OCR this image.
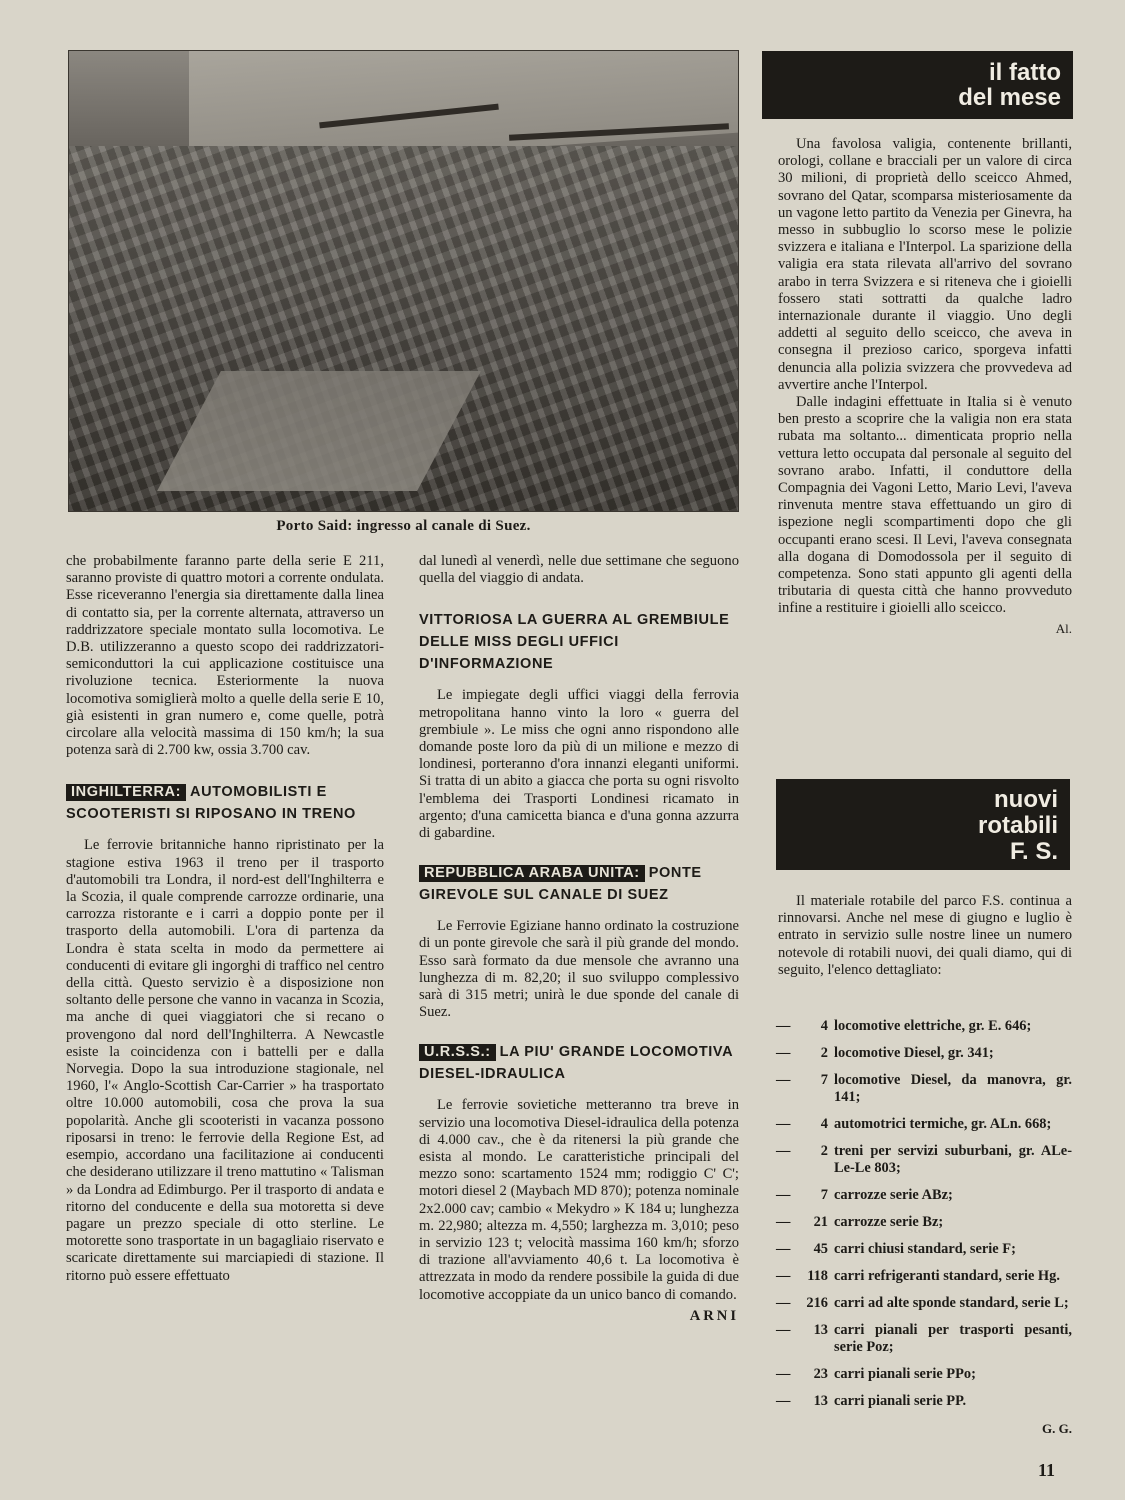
Porto Said: ingresso al canale di Suez.

che probabilmente faranno parte della serie E 211, saranno proviste di quattro motori a corrente ondulata. Esse riceveranno l'energia sia direttamente dalla linea di contatto sia, per la corrente alternata, attraverso un raddrizzatore speciale montato sulla locomotiva. Le D.B. utilizzeranno a questo scopo dei raddrizzatori-semiconduttori la cui applicazione costituisce una rivoluzione tecnica. Esteriormente la nuova locomotiva somiglierà molto a quelle della serie E 10, già esistenti in gran numero e, come quelle, potrà circolare alla velocità massima di 150 km/h; la sua potenza sarà di 2.700 kw, ossia 3.700 cav.

INGHILTERRA: AUTOMOBILISTI E SCOOTERISTI SI RIPOSANO IN TRENO

Le ferrovie britanniche hanno ripristinato per la stagione estiva 1963 il treno per il trasporto d'automobili tra Londra, il nord-est dell'Inghilterra e la Scozia, il quale comprende carrozze ordinarie, una carrozza ristorante e i carri a doppio ponte per il trasporto della automobili. L'ora di partenza da Londra è stata scelta in modo da permettere ai conducenti di evitare gli ingorghi di traffico nel centro della città. Questo servizio è a disposizione non soltanto delle persone che vanno in vacanza in Scozia, ma anche di quei viaggiatori che si recano o provengono dal nord dell'Inghilterra. A Newcastle esiste la coincidenza con i battelli per e dalla Norvegia. Dopo la sua introduzione stagionale, nel 1960, l'« Anglo-Scottish Car-Carrier » ha trasportato oltre 10.000 automobili, cosa che prova la sua popolarità. Anche gli scooteristi in vacanza possono riposarsi in treno: le ferrovie della Regione Est, ad esempio, accordano una facilitazione ai conducenti che desiderano utilizzare il treno mattutino « Talisman » da Londra ad Edimburgo. Per il trasporto di andata e ritorno del conducente e della sua motoretta si deve pagare un prezzo speciale di otto sterline. Le motorette sono trasportate in un bagagliaio riservato e scaricate direttamente sui marciapiedi di stazione. Il ritorno può essere effettuato

dal lunedì al venerdì, nelle due settimane che seguono quella del viaggio di andata.

VITTORIOSA LA GUERRA AL GREMBIULE DELLE MISS DEGLI UFFICI D'INFORMAZIONE

Le impiegate degli uffici viaggi della ferrovia metropolitana hanno vinto la loro « guerra del grembiule ». Le miss che ogni anno rispondono alle domande poste loro da più di un milione e mezzo di londinesi, porteranno d'ora innanzi eleganti uniformi. Si tratta di un abito a giacca che porta su ogni risvolto l'emblema dei Trasporti Londinesi ricamato in argento; d'una camicetta bianca e d'una gonna azzurra di gabardine.

REPUBBLICA ARABA UNITA: PONTE GIREVOLE SUL CANALE DI SUEZ

Le Ferrovie Egiziane hanno ordinato la costruzione di un ponte girevole che sarà il più grande del mondo. Esso sarà formato da due mensole che avranno una lunghezza di m. 82,20; il suo sviluppo complessivo sarà di 315 metri; unirà le due sponde del canale di Suez.

U.R.S.S.: LA PIU' GRANDE LOCOMOTIVA DIESEL-IDRAULICA

Le ferrovie sovietiche metteranno tra breve in servizio una locomotiva Diesel-idraulica della potenza di 4.000 cav., che è da ritenersi la più grande che esista al mondo. Le caratteristiche principali del mezzo sono: scartamento 1524 mm; rodiggio C' C'; motori diesel 2 (Maybach MD 870); potenza nominale 2x2.000 cav; cambio « Mekydro » K 184 u; lunghezza m. 22,980; altezza m. 4,550; larghezza m. 3,010; peso in servizio 123 t; velocità massima 160 km/h; sforzo di trazione all'avviamento 40,6 t. La locomotiva è attrezzata in modo da rendere possibile la guida di due locomotive accoppiate da un unico banco di comando.

ARNI
il fatto
del mese

Una favolosa valigia, contenente brillanti, orologi, collane e bracciali per un valore di circa 30 milioni, di proprietà dello sceicco Ahmed, sovrano del Qatar, scomparsa misteriosamente da un vagone letto partito da Venezia per Ginevra, ha messo in subbuglio lo scorso mese le polizie svizzera e italiana e l'Interpol. La sparizione della valigia era stata rilevata all'arrivo del sovrano arabo in terra Svizzera e si riteneva che i gioielli fossero stati sottratti da qualche ladro internazionale durante il viaggio. Uno degli addetti al seguito dello sceicco, che aveva in consegna il prezioso carico, sporgeva infatti denuncia alla polizia svizzera che provvedeva ad avvertire anche l'Interpol.

Dalle indagini effettuate in Italia si è venuto ben presto a scoprire che la valigia non era stata rubata ma soltanto... dimenticata proprio nella vettura letto occupata dal personale al seguito del sovrano arabo. Infatti, il conduttore della Compagnia dei Vagoni Letto, Mario Levi, l'aveva rinvenuta mentre stava effettuando un giro di ispezione negli scompartimenti dopo che gli occupanti erano scesi. Il Levi, l'aveva consegnata alla dogana di Domodossola per il seguito di competenza. Sono stati appunto gli agenti della tributaria di questa città che hanno provveduto infine a restituire i gioielli allo sceicco.

Al.
nuovi
rotabili
F. S.

Il materiale rotabile del parco F.S. continua a rinnovarsi. Anche nel mese di giugno e luglio è entrato in servizio sulle nostre linee un numero notevole di rotabili nuovi, dei quali diamo, qui di seguito, l'elenco dettagliato:

—	4 locomotive elettriche, gr. E. 646;
—	2 locomotive Diesel, gr. 341;
—	7 locomotive Diesel, da manovra, gr. 141;
—	4 automotrici termiche, gr. ALn. 668;
—	2 treni per servizi suburbani, gr. ALe-Le-Le 803;
—	7 carrozze serie ABz;
—	21 carrozze serie Bz;
—	45 carri chiusi standard, serie F;
—	118 carri refrigeranti standard, serie Hg.
—	216 carri ad alte sponde standard, serie L;
—	13 carri pianali per trasporti pesanti, serie Poz;
—	23 carri pianali serie PPo;
—	13 carri pianali serie PP.
G. G.
11
